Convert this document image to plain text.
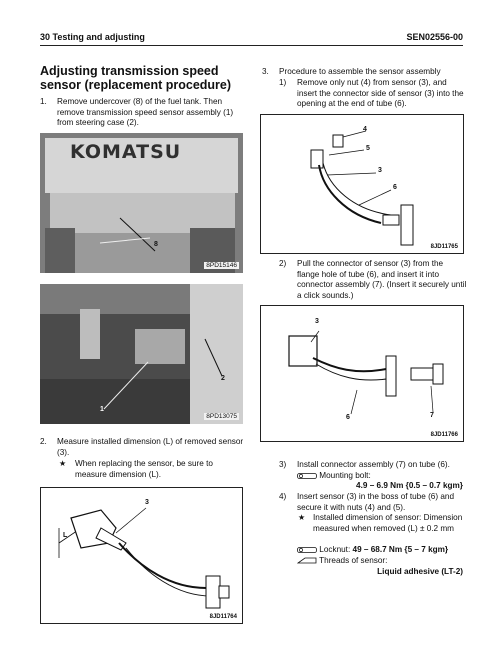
30 Testing and adjusting	SEN02556-00
Adjusting transmission speed sensor (replacement procedure)
1. Remove undercover (8) of the fuel tank. Then remove transmission speed sensor assembly (1) from steering case (2).
KOMATSU
8
8PD15146
2
1
8PD13075
2. Measure installed dimension (L) of removed sensor (3).
★ When replacing the sensor, be sure to measure dimension (L).
3
L
8JD11764
3. Procedure to assemble the sensor assembly
1) Remove only nut (4) from sensor (3), and insert the connector side of sensor (3) into the opening at the end of tube (6).
4
5
3
6
8JD11765
2) Pull the connector of sensor (3) from the flange hole of tube (6), and insert it into connector assembly (7). (Insert it securely until a click sounds.)
3
6	7
8JD11766
3) Install connector assembly (7) on tube (6).
Mounting bolt:
4.9 – 6.9 Nm {0.5 – 0.7 kgm}
4) Insert sensor (3) in the boss of tube (6) and secure it with nuts (4) and (5).
★ Installed dimension of sensor: Dimension measured when removed (L) ± 0.2 mm
Locknut: 49 – 68.7 Nm {5 – 7 kgm}
Threads of sensor:
Liquid adhesive (LT-2)
